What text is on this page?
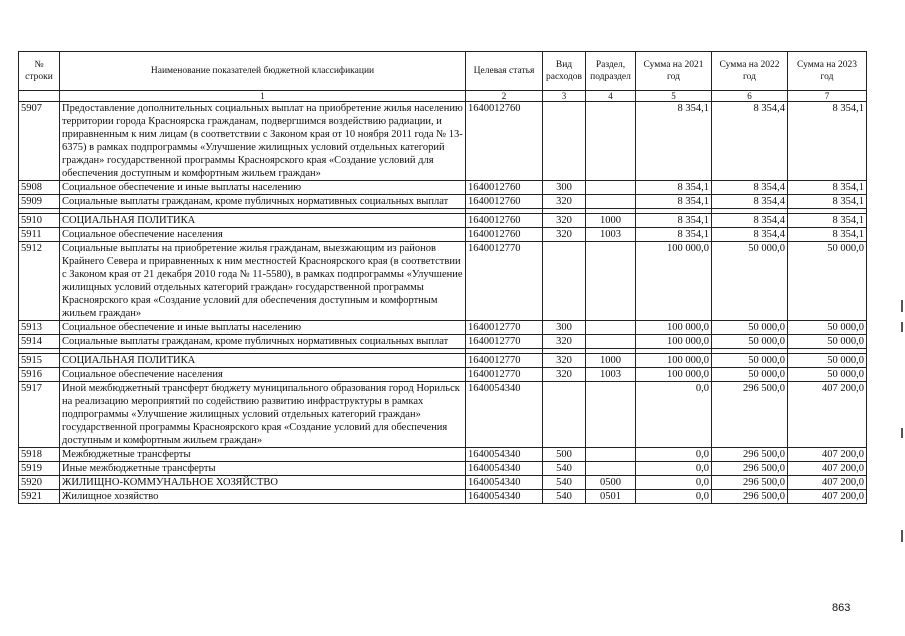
№ строки	Наименование показателей бюджетной классификации	Целевая статья	Вид расходов	Раздел, подраздел	Сумма на 2021 год	Сумма на 2022 год	Сумма на 2023 год
	1	2	3	4	5	6	7
5907	Предоставление дополнительных социальных выплат на приобретение жилья населению территории города Красноярска гражданам, подвергшимся воздействию радиации, и приравненным к ним лицам (в соответствии с Законом края от 10 ноября 2011 года № 13-6375) в рамках подпрограммы «Улучшение жилищных условий отдельных категорий граждан» государственной программы Красноярского края «Создание условий для обеспечения доступным и комфортным жильем граждан»	1640012760			8 354,1	8 354,4	8 354,1
5908	Социальное обеспечение и иные выплаты населению	1640012760	300		8 354,1	8 354,4	8 354,1
5909	Социальные выплаты гражданам, кроме публичных нормативных социальных выплат	1640012760	320		8 354,1	8 354,4	8 354,1

5910	СОЦИАЛЬНАЯ ПОЛИТИКА	1640012760	320	1000	8 354,1	8 354,4	8 354,1
5911	Социальное обеспечение населения	1640012760	320	1003	8 354,1	8 354,4	8 354,1
5912	Социальные выплаты на приобретение жилья гражданам, выезжающим из районов Крайнего Севера и приравненных к ним местностей Красноярского края (в соответствии с Законом края от 21 декабря 2010 года № 11-5580), в рамках подпрограммы «Улучшение жилищных условий отдельных категорий граждан» государственной программы Красноярского края «Создание условий для обеспечения доступным и комфортным жильем граждан»	1640012770			100 000,0	50 000,0	50 000,0
5913	Социальное обеспечение и иные выплаты населению	1640012770	300		100 000,0	50 000,0	50 000,0
5914	Социальные выплаты гражданам, кроме публичных нормативных социальных выплат	1640012770	320		100 000,0	50 000,0	50 000,0

5915	СОЦИАЛЬНАЯ ПОЛИТИКА	1640012770	320	1000	100 000,0	50 000,0	50 000,0
5916	Социальное обеспечение населения	1640012770	320	1003	100 000,0	50 000,0	50 000,0
5917	Иной межбюджетный трансферт бюджету муниципального образования город Норильск на реализацию мероприятий по содействию развитию инфраструктуры в рамках подпрограммы «Улучшение жилищных условий отдельных категорий граждан» государственной программы Красноярского края «Создание условий для обеспечения доступным и комфортным жильем граждан»	1640054340			0,0	296 500,0	407 200,0
5918	Межбюджетные трансферты	1640054340	500		0,0	296 500,0	407 200,0
5919	Иные межбюджетные трансферты	1640054340	540		0,0	296 500,0	407 200,0
5920	ЖИЛИЩНО-КОММУНАЛЬНОЕ ХОЗЯЙСТВО	1640054340	540	0500	0,0	296 500,0	407 200,0
5921	Жилищное хозяйство	1640054340	540	0501	0,0	296 500,0	407 200,0
863
